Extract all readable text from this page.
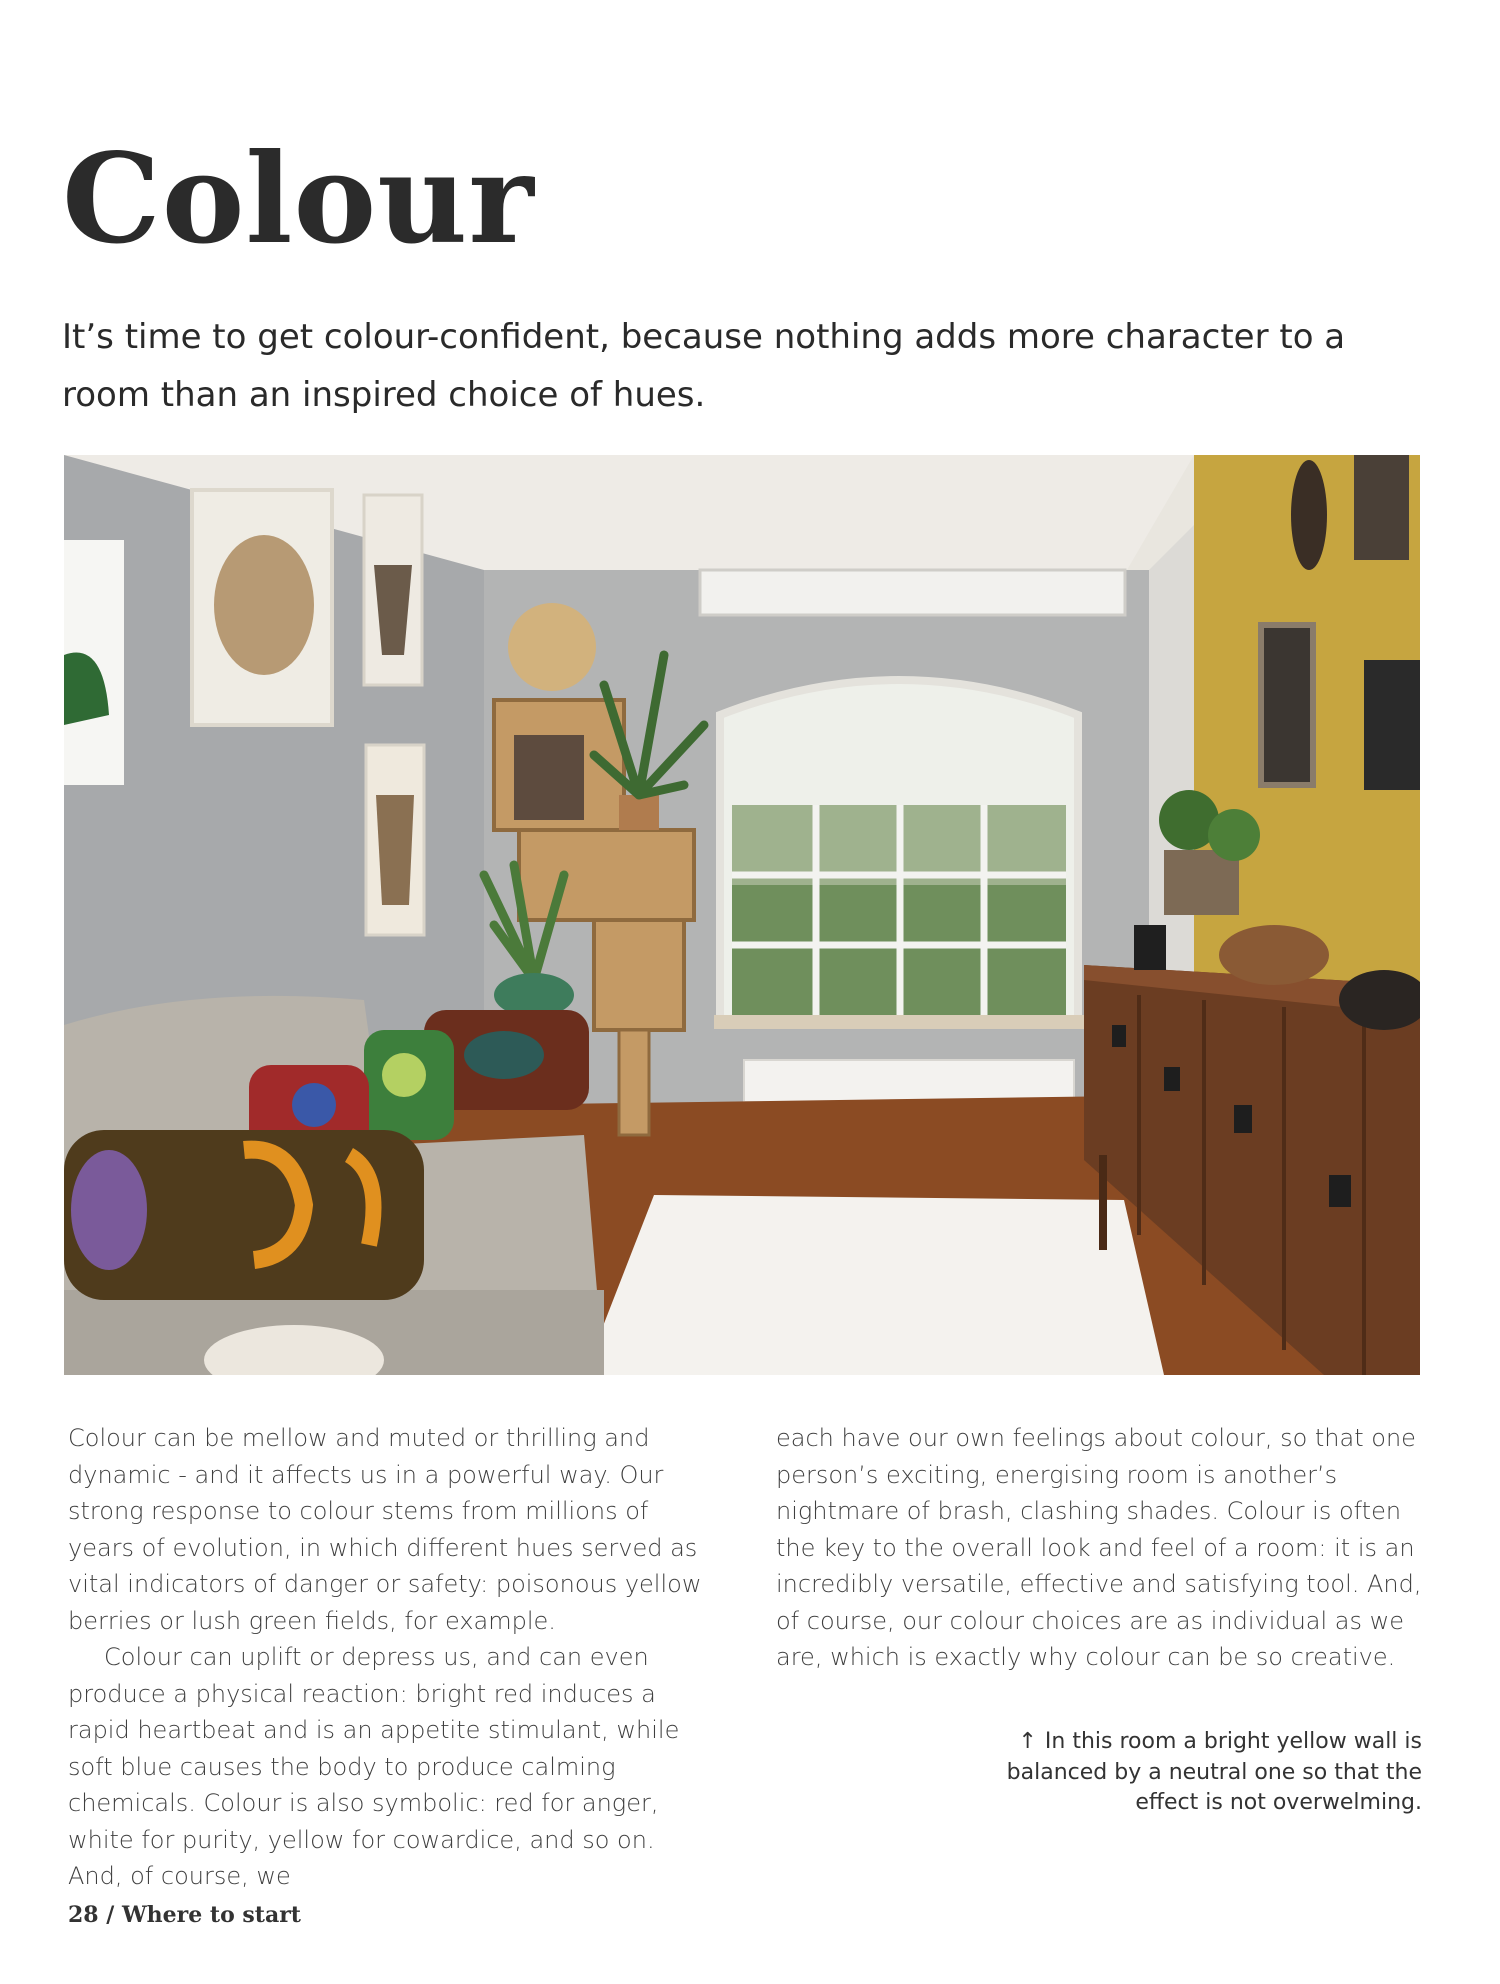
Colour

It’s time to get colour-confident, because nothing adds more character to a room than an inspired choice of hues.

Colour can be mellow and muted or thrilling and dynamic - and it affects us in a powerful way. Our strong response to colour stems from millions of years of evolution, in which different hues served as vital indicators of danger or safety: poisonous yellow berries or lush green fields, for example.

Colour can uplift or depress us, and can even produce a physical reaction: bright red induces a rapid heartbeat and is an appetite stimulant, while soft blue causes the body to produce calming chemicals. Colour is also symbolic: red for anger, white for purity, yellow for cowardice, and so on. And, of course, we

each have our own feelings about colour, so that one person’s exciting, energising room is another’s nightmare of brash, clashing shades. Colour is often the key to the overall look and feel of a room: it is an incredibly versatile, effective and satisfying tool. And, of course, our colour choices are as individual as we are, which is exactly why colour can be so creative.

↑ In this room a bright yellow wall is balanced by a neutral one so that the effect is not overwelming.
28 / Where to start
